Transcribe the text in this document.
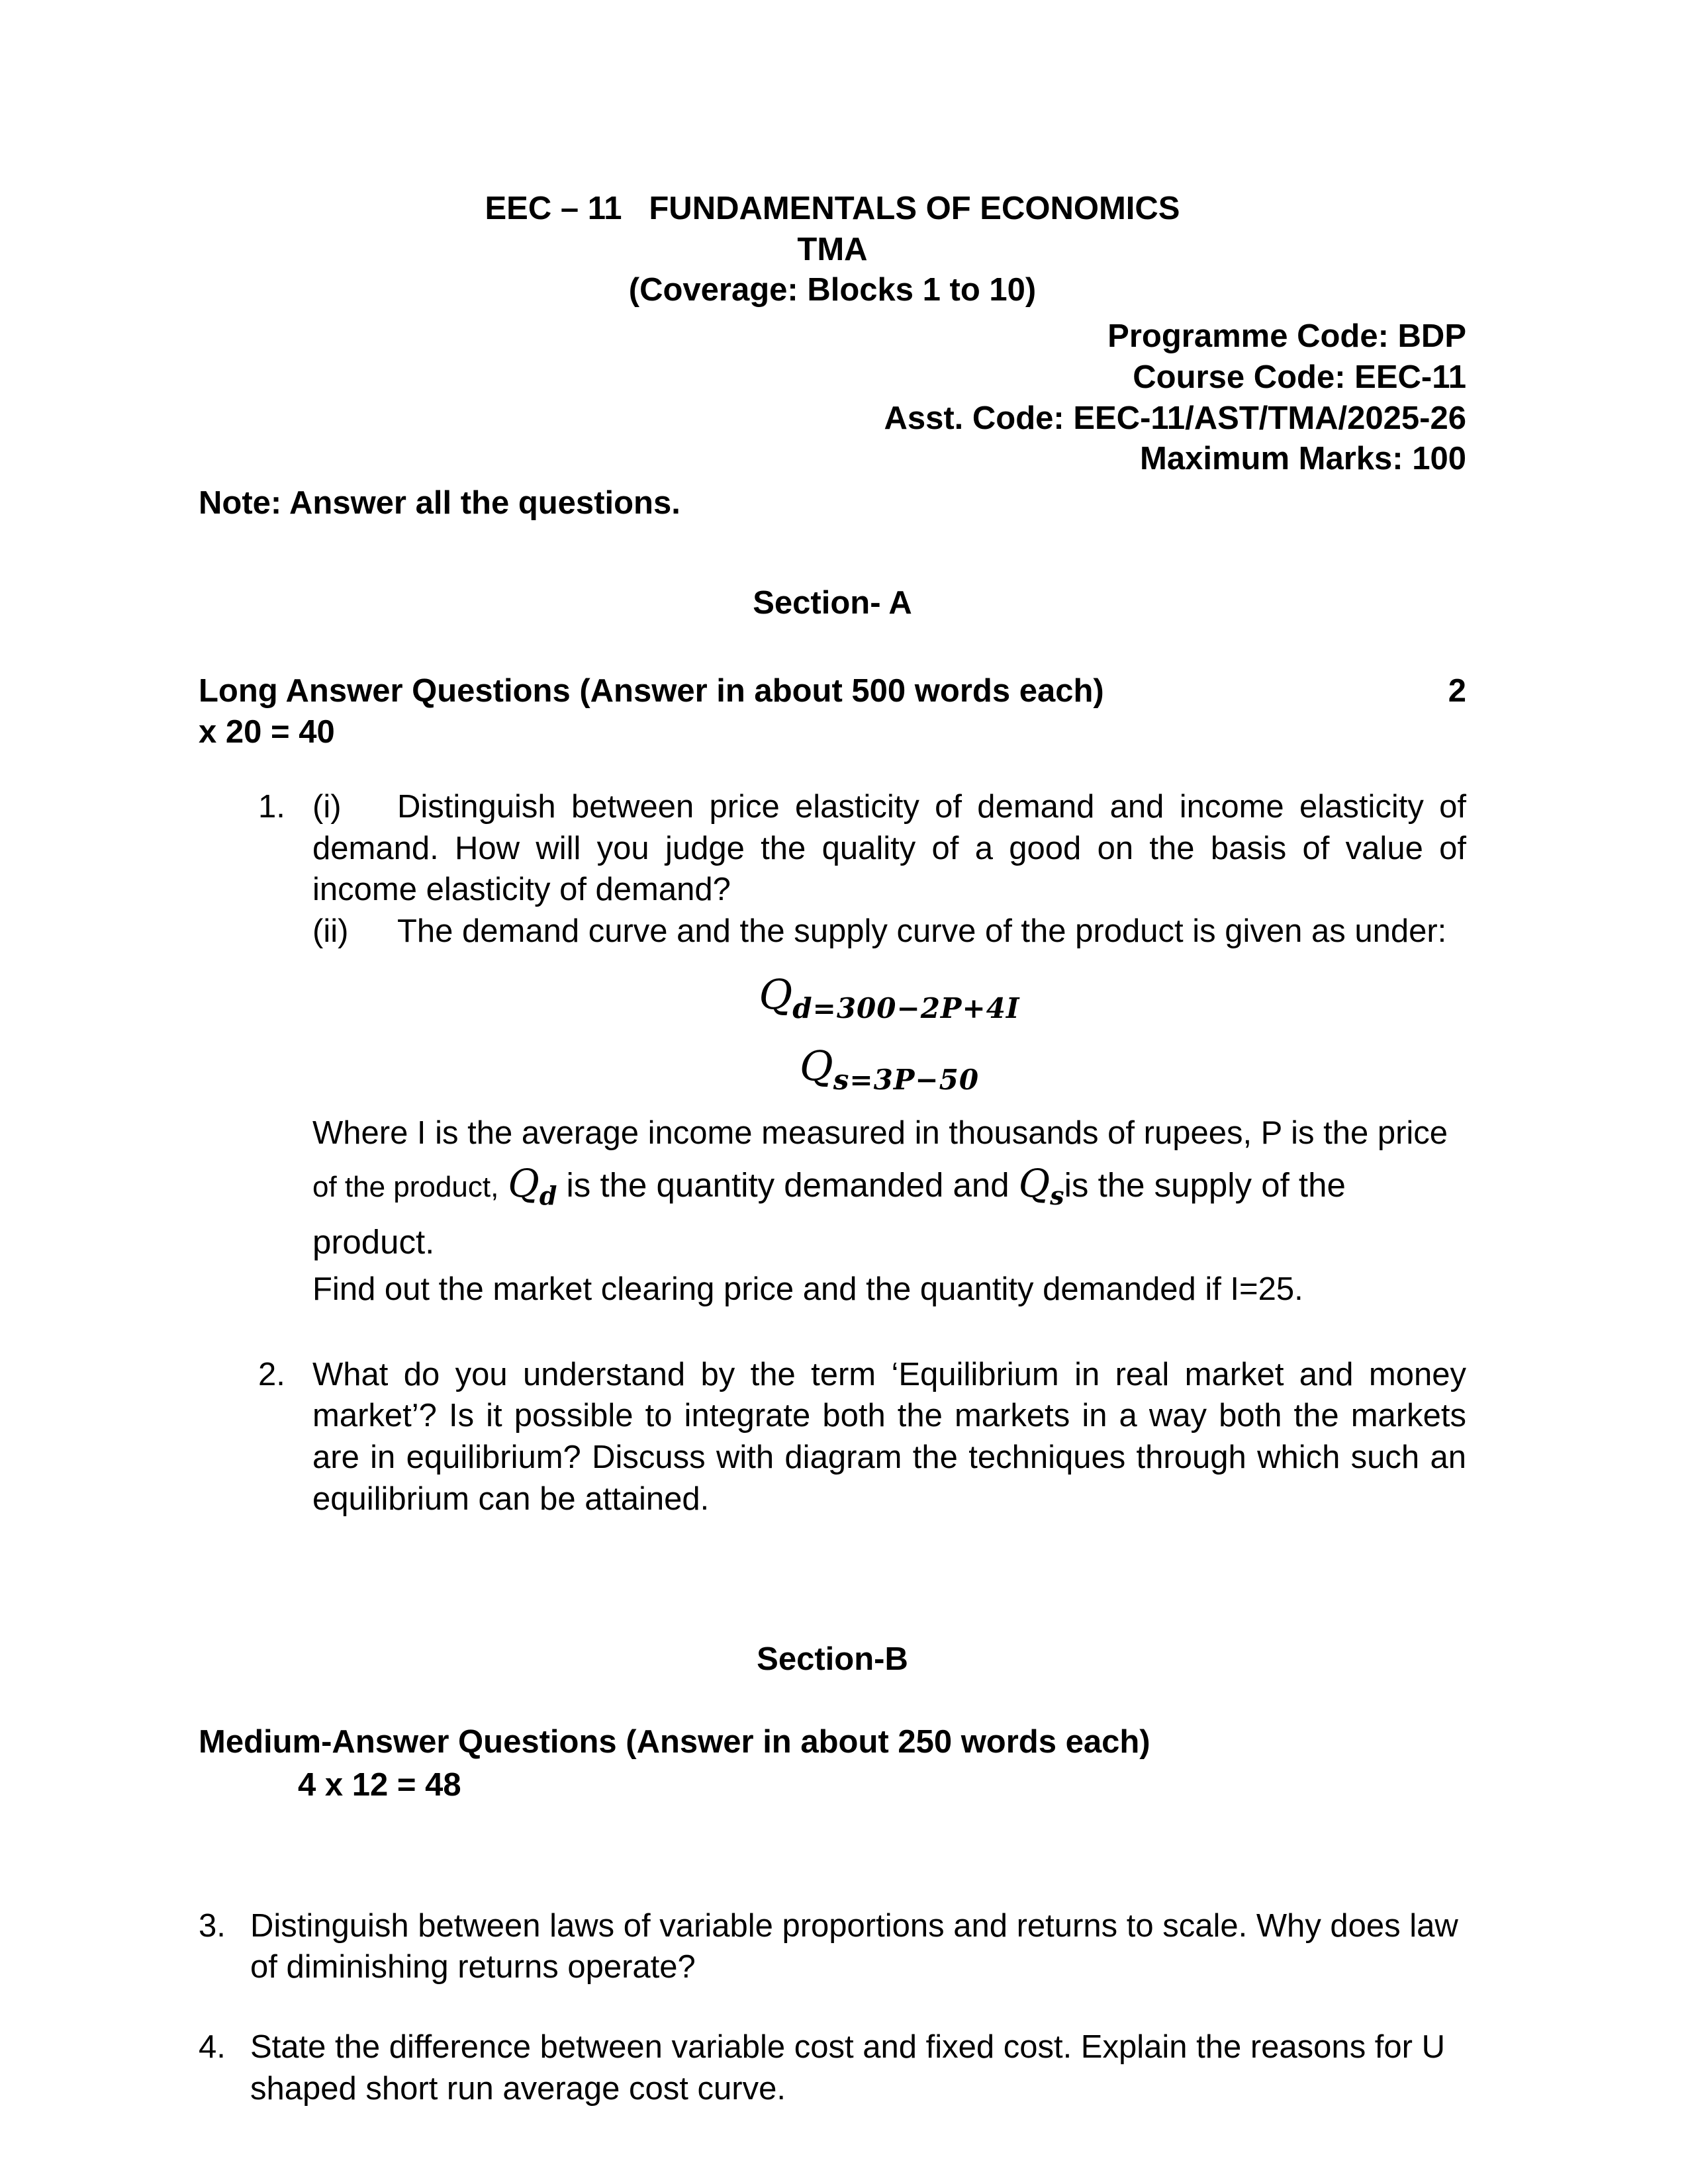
EEC – 11   FUNDAMENTALS OF ECONOMICS
TMA
(Coverage: Blocks 1 to 10)
Programme Code: BDP
Course Code: EEC-11
Asst. Code: EEC-11/AST/TMA/2025-26
Maximum Marks: 100

Note: Answer all the questions.

Section- A
Long Answer Questions (Answer in about 500 words each)	2
x 20 = 40
1. (i) Distinguish between price elasticity of demand and income elasticity of demand. How will you judge the quality of a good on the basis of value of income elasticity of demand?

(ii) The demand curve and the supply curve of the product is given as under:

$Q_{d=300-2P+4I}$
$Q_{s=3P-50}$

Where I is the average income measured in thousands of rupees, P is the price

of the product, $Q_d$ is the quantity demanded and $Q_sis$ the supply of the product.

Find out the market clearing price and the quantity demanded if I=25.

2. What do you understand by the term ‘Equilibrium in real market and money market’? Is it possible to integrate both the markets in a way both the markets are in equilibrium? Discuss with diagram the techniques through which such an equilibrium can be attained.

Section-B
Medium-Answer Questions (Answer in about 250 words each)
4 x 12 = 48
3. Distinguish between laws of variable proportions and returns to scale. Why does law of diminishing returns operate?

4. State the difference between variable cost and fixed cost. Explain the reasons for U shaped short run average cost curve.
